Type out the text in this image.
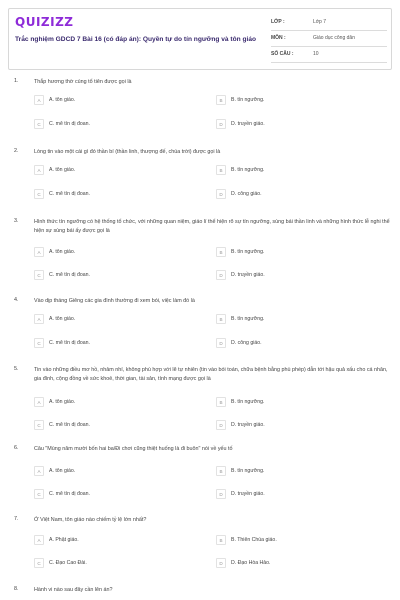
QUIZIZZ
Trắc nghiệm GDCD 7 Bài 16 (có đáp án): Quyền tự do tín ngưỡng và tôn giáo
LỚP :	Lớp 7
MÔN :	Giáo dục công dân
SỐ CÂU :	10
1.	Thắp hương thờ cúng tổ tiên được gọi là
A	A. tôn giáo.	B	B. tín ngưỡng.
C	C. mê tín dị đoan.	D	D. truyền giáo.
2.	Lòng tin vào một cái gì đó thần bí (thần linh, thượng đế, chúa trời) được gọi là
A	A. tôn giáo.	B	B. tín ngưỡng.
C	C. mê tín dị đoan.	D	D. công giáo.
3.	Hình thức tín ngưỡng có hệ thống tổ chức, với những quan niệm, giáo lí thể hiện rõ sự tín ngưỡng, sùng bái thần linh và những hình thức lễ nghi thể hiện sự sùng bái ấy được gọi là
A	A. tôn giáo.	B	B. tín ngưỡng.
C	C. mê tín dị đoan.	D	D. truyền giáo.
4.	Vào dịp tháng Giêng các gia đình thường đi xem bói, việc làm đó là
A	A. tôn giáo.	B	B. tín ngưỡng.
C	C. mê tín dị đoan.	D	D. công giáo.
5.	Tin vào những điều mơ hồ, nhảm nhí, không phù hợp với lẽ tự nhiên (tin vào bói toán, chữa bệnh bằng phù phép) dẫn tới hậu quả xấu cho cá nhân, gia đình, cộng đồng về sức khoẻ, thời gian, tài sản, tính mạng được gọi là
A	A. tôn giáo.	B	B. tín ngưỡng.
C	C. mê tín dị đoan.	D	D. truyền giáo.
6.	Câu "Mùng năm mười bốn hai ba/Đi chơi cũng thiệt huống là đi buôn" nói về yếu tố
A	A. tôn giáo.	B	B. tín ngưỡng.
C	C. mê tín dị đoan.	D	D. truyền giáo.
7.	Ở Việt Nam, tôn giáo nào chiếm tỷ lệ lớn nhất?
A	A. Phật giáo.	B	B. Thiên Chúa giáo.
C	C. Đạo Cao Đài.	D	D. Đạo Hòa Hảo.
8.	Hành vi nào sau đây cần lên án?
